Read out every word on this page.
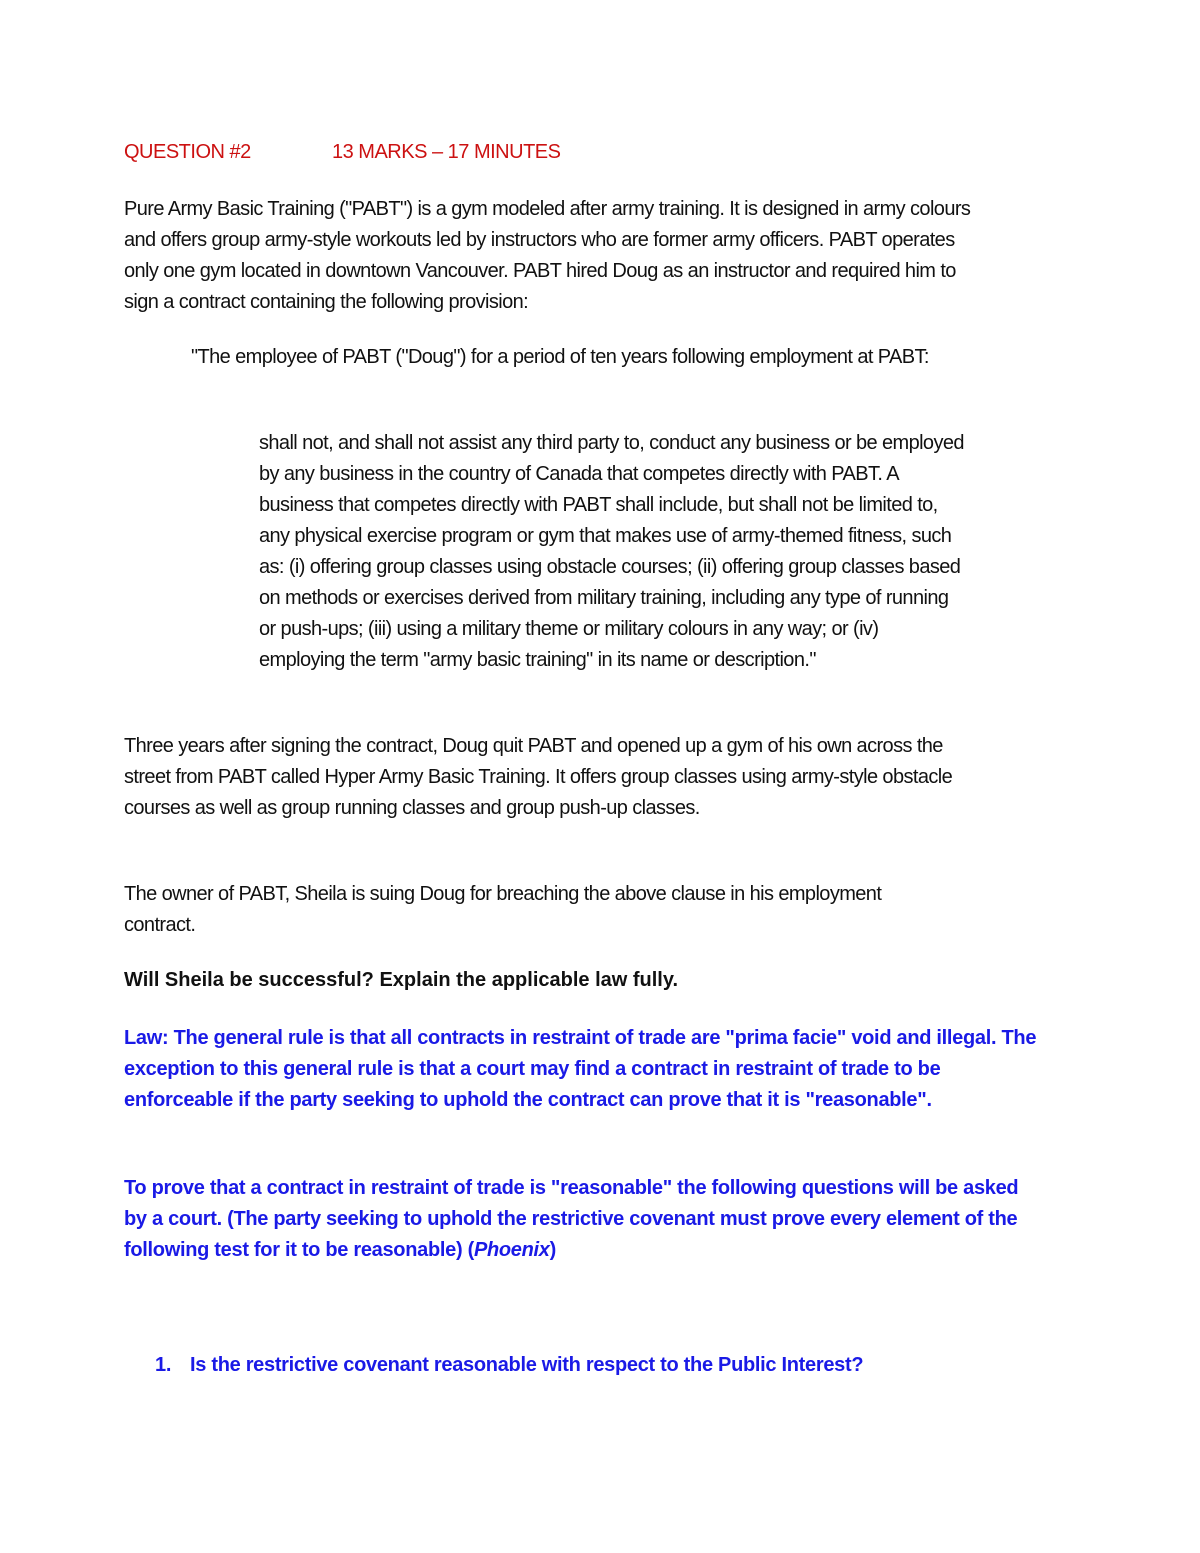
QUESTION #2	13 MARKS – 17 MINUTES

Pure Army Basic Training ("PABT") is a gym modeled after army training. It is designed in army colours and offers group army-style workouts led by instructors who are former army officers. PABT operates only one gym located in downtown Vancouver. PABT hired Doug as an instructor and required him to sign a contract containing the following provision:

"The employee of PABT ("Doug") for a period of ten years following employment at PABT:

shall not, and shall not assist any third party to, conduct any business or be employed by any business in the country of Canada that competes directly with PABT. A business that competes directly with PABT shall include, but shall not be limited to, any physical exercise program or gym that makes use of army-themed fitness, such as: (i) offering group classes using obstacle courses; (ii) offering group classes based on methods or exercises derived from military training, including any type of running or push-ups; (iii) using a military theme or military colours in any way; or (iv) employing the term "army basic training" in its name or description."

Three years after signing the contract, Doug quit PABT and opened up a gym of his own across the street from PABT called Hyper Army Basic Training. It offers group classes using army-style obstacle courses as well as group running classes and group push-up classes.

The owner of PABT, Sheila is suing Doug for breaching the above clause in his employment contract.

Will Sheila be successful? Explain the applicable law fully.

Law: The general rule is that all contracts in restraint of trade are "prima facie" void and illegal. The exception to this general rule is that a court may find a contract in restraint of trade to be enforceable if the party seeking to uphold the contract can prove that it is "reasonable".

To prove that a contract in restraint of trade is "reasonable" the following questions will be asked by a court. (The party seeking to uphold the restrictive covenant must prove every element of the following test for it to be reasonable) (Phoenix)

1. Is the restrictive covenant reasonable with respect to the Public Interest?
